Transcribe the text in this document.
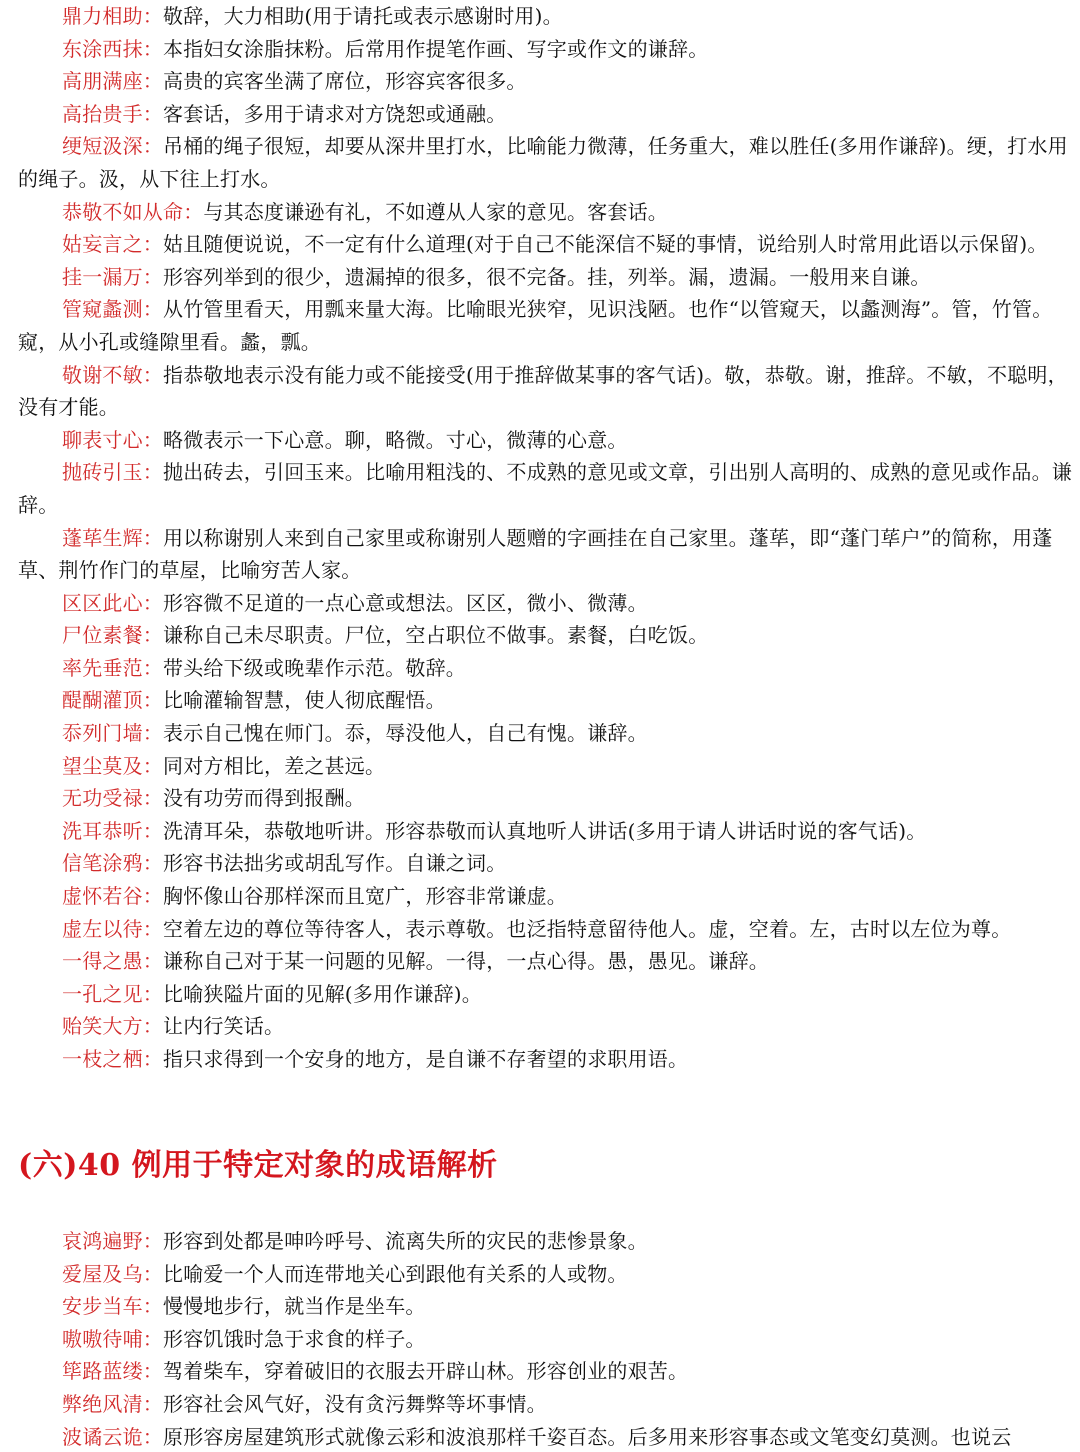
鼎力相助：敬辞，大力相助(用于请托或表示感谢时用)。

东涂西抹：本指妇女涂脂抹粉。后常用作提笔作画、写字或作文的谦辞。

高朋满座：高贵的宾客坐满了席位，形容宾客很多。

高抬贵手：客套话，多用于请求对方饶恕或通融。

绠短汲深：吊桶的绳子很短，却要从深井里打水，比喻能力微薄，任务重大，难以胜任(多用作谦辞)。绠，打水用的绳子。汲，从下往上打水。

恭敬不如从命：与其态度谦逊有礼，不如遵从人家的意见。客套话。

姑妄言之：姑且随便说说，不一定有什么道理(对于自己不能深信不疑的事情，说给别人时常用此语以示保留)。

挂一漏万：形容列举到的很少，遗漏掉的很多，很不完备。挂，列举。漏，遗漏。一般用来自谦。

管窥蠡测：从竹管里看天，用瓢来量大海。比喻眼光狭窄，见识浅陋。也作“以管窥天，以蠡测海”。管，竹管。窥，从小孔或缝隙里看。蠡，瓢。

敬谢不敏：指恭敬地表示没有能力或不能接受(用于推辞做某事的客气话)。敬，恭敬。谢，推辞。不敏，不聪明，没有才能。

聊表寸心：略微表示一下心意。聊，略微。寸心，微薄的心意。

抛砖引玉：抛出砖去，引回玉来。比喻用粗浅的、不成熟的意见或文章，引出别人高明的、成熟的意见或作品。谦辞。

蓬荜生辉：用以称谢别人来到自己家里或称谢别人题赠的字画挂在自己家里。蓬荜，即“蓬门荜户”的简称，用蓬草、荆竹作门的草屋，比喻穷苦人家。

区区此心：形容微不足道的一点心意或想法。区区，微小、微薄。

尸位素餐：谦称自己未尽职责。尸位，空占职位不做事。素餐，白吃饭。

率先垂范：带头给下级或晚辈作示范。敬辞。

醍醐灌顶：比喻灌输智慧，使人彻底醒悟。

忝列门墙：表示自己愧在师门。忝，辱没他人，自己有愧。谦辞。

望尘莫及：同对方相比，差之甚远。

无功受禄：没有功劳而得到报酬。

洗耳恭听：洗清耳朵，恭敬地听讲。形容恭敬而认真地听人讲话(多用于请人讲话时说的客气话)。

信笔涂鸦：形容书法拙劣或胡乱写作。自谦之词。

虚怀若谷：胸怀像山谷那样深而且宽广，形容非常谦虚。

虚左以待：空着左边的尊位等待客人，表示尊敬。也泛指特意留待他人。虚，空着。左，古时以左位为尊。

一得之愚：谦称自己对于某一问题的见解。一得，一点心得。愚，愚见。谦辞。

一孔之见：比喻狭隘片面的见解(多用作谦辞)。

贻笑大方：让内行笑话。

一枝之栖：指只求得到一个安身的地方，是自谦不存奢望的求职用语。

(六)40 例用于特定对象的成语解析

哀鸿遍野：形容到处都是呻吟呼号、流离失所的灾民的悲惨景象。

爱屋及乌：比喻爱一个人而连带地关心到跟他有关系的人或物。

安步当车：慢慢地步行，就当作是坐车。

嗷嗷待哺：形容饥饿时急于求食的样子。

筚路蓝缕：驾着柴车，穿着破旧的衣服去开辟山林。形容创业的艰苦。

弊绝风清：形容社会风气好，没有贪污舞弊等坏事情。

波谲云诡：原形容房屋建筑形式就像云彩和波浪那样千姿百态。后多用来形容事态或文笔变幻莫测。也说云
